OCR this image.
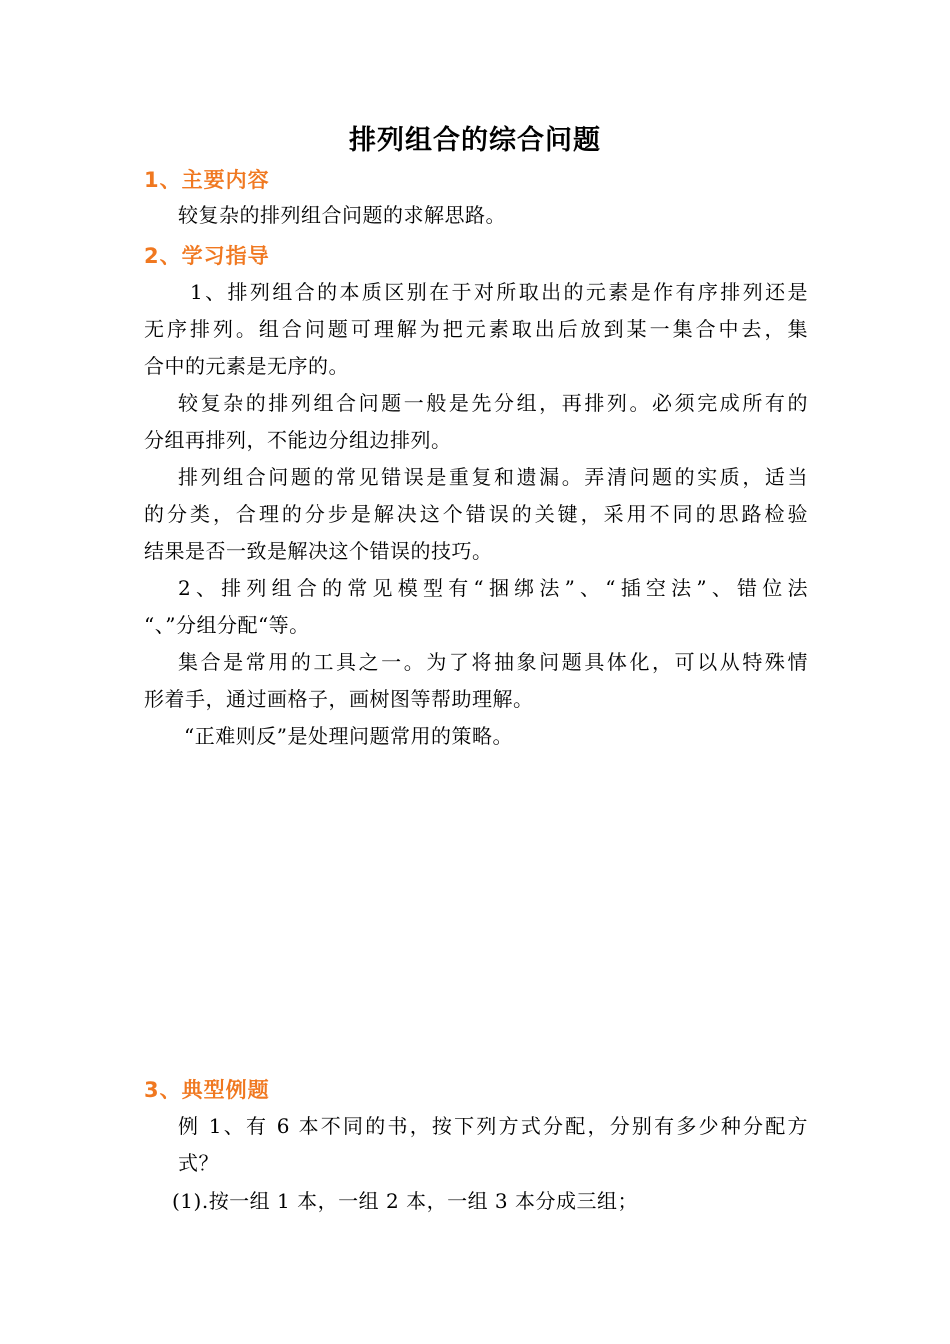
排列组合的综合问题
1、主要内容
较复杂的排列组合问题的求解思路。
2、学习指导
1、排列组合的本质区别在于对所取出的元素是作有序排列还是
无序排列。组合问题可理解为把元素取出后放到某一集合中去，集
合中的元素是无序的。
较复杂的排列组合问题一般是先分组，再排列。必须完成所有的
分组再排列，不能边分组边排列。
排列组合问题的常见错误是重复和遗漏。弄清问题的实质，适当
的分类，合理的分步是解决这个错误的关键，采用不同的思路检验
结果是否一致是解决这个错误的技巧。
2、排列组合的常见模型有“捆绑法”、“插空法”、错位法
“、”分组分配“等。
集合是常用的工具之一。为了将抽象问题具体化，可以从特殊情
形着手，通过画格子，画树图等帮助理解。
“正难则反”是处理问题常用的策略。
3、典型例题
例 1、有 6 本不同的书，按下列方式分配，分别有多少种分配方
式？
(1).按一组 1 本，一组 2 本，一组 3 本分成三组；
